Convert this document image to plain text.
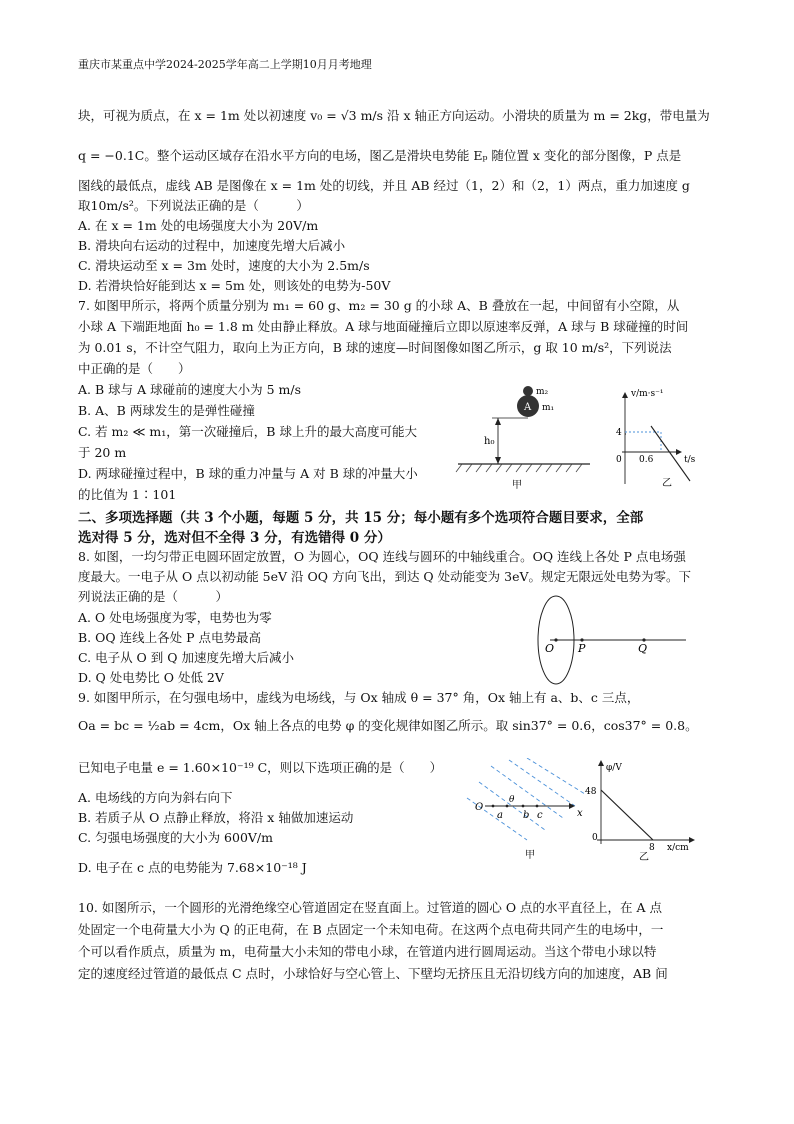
重庆市某重点中学2024-2025学年高二上学期10月月考地理
块，可视为质点，在 x = 1m 处以初速度 v₀ = √3 m/s 沿 x 轴正方向运动。小滑块的质量为 m = 2kg，带电量为
q = −0.1C。整个运动区域存在沿水平方向的电场，图乙是滑块电势能 Eₚ 随位置 x 变化的部分图像，P 点是
图线的最低点，虚线 AB 是图像在 x = 1m 处的切线，并且 AB 经过（1，2）和（2，1）两点，重力加速度 g
取10m/s²。下列说法正确的是（　　　）
A. 在 x = 1m 处的电场强度大小为 20V/m
B. 滑块向右运动的过程中，加速度先增大后减小
C. 滑块运动至 x = 3m 处时，速度的大小为 2.5m/s
D. 若滑块恰好能到达 x = 5m 处，则该处的电势为-50V
7. 如图甲所示，将两个质量分别为 m₁ = 60 g、m₂ = 30 g 的小球 A、B 叠放在一起，中间留有小空隙，从
小球 A 下端距地面 h₀ = 1.8 m 处由静止释放。A 球与地面碰撞后立即以原速率反弹，A 球与 B 球碰撞的时间
为 0.01 s，不计空气阻力，取向上为正方向，B 球的速度—时间图像如图乙所示，g 取 10 m/s²，下列说法
中正确的是（　　）
A. B 球与 A 球碰前的速度大小为 5 m/s
B. A、B 两球发生的是弹性碰撞
C. 若 m₂ ≪ m₁，第一次碰撞后，B 球上升的最大高度可能大
于 20 m
D. 两球碰撞过程中，B 球的重力冲量与 A 对 B 球的冲量大小
的比值为 1∶101
h₀
A
m₂
m₁
甲
v/m·s⁻¹
t/s
4
0 0.6
乙
二、多项选择题（共 3 个小题，每题 5 分，共 15 分；每小题有多个选项符合题目要求，全部
选对得 5 分，选对但不全得 3 分，有选错得 0 分）
8. 如图，一均匀带正电圆环固定放置，O 为圆心，OQ 连线与圆环的中轴线重合。OQ 连线上各处 P 点电场强
度最大。一电子从 O 点以初动能 5eV 沿 OQ 方向飞出，到达 Q 处动能变为 3eV。规定无限远处电势为零。下
列说法正确的是（　　　）
A. O 处电场强度为零，电势也为零
B. OQ 连线上各处 P 点电势最高
C. 电子从 O 到 Q 加速度先增大后减小
D. Q 处电势比 O 处低 2V
O P	Q
9. 如图甲所示，在匀强电场中，虚线为电场线，与 Ox 轴成 θ = 37° 角，Ox 轴上有 a、b、c 三点，
Oa = bc = ½ab = 4cm，Ox 轴上各点的电势 φ 的变化规律如图乙所示。取 sin37° = 0.6，cos37° = 0.8。
已知电子电量 e = 1.60×10⁻¹⁹ C，则以下选项正确的是（　　）
A. 电场线的方向为斜右向下
B. 若质子从 O 点静止释放，将沿 x 轴做加速运动
C. 匀强电场强度的大小为 600V/m
D. 电子在 c 点的电势能为 7.68×10⁻¹⁸ J
O
a b c	x
θ
甲
φ/V
48
0
8 x/cm
乙
10. 如图所示，一个圆形的光滑绝缘空心管道固定在竖直面上。过管道的圆心 O 点的水平直径上，在 A 点
处固定一个电荷量大小为 Q 的正电荷，在 B 点固定一个未知电荷。在这两个点电荷共同产生的电场中，一
个可以看作质点，质量为 m，电荷量大小未知的带电小球，在管道内进行圆周运动。当这个带电小球以特
定的速度经过管道的最低点 C 点时，小球恰好与空心管上、下壁均无挤压且无沿切线方向的加速度，AB 间
